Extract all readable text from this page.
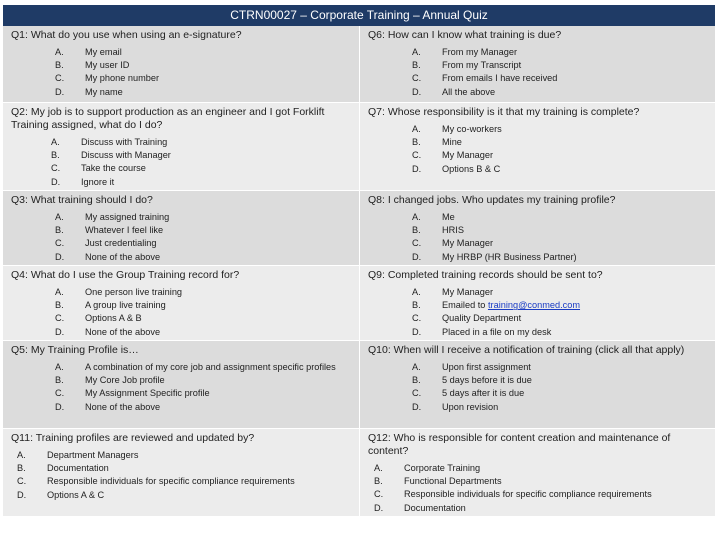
CTRN00027 – Corporate Training – Annual Quiz
Q1: What do you use when using an e-signature?
A.	My email
B.	My user ID
C.	My phone number
D.	My name
Q6: How can I know what training is due?
A.	From my Manager
B.	From my Transcript
C.	From emails I have received
D.	All the above
Q2: My job is to support production as an engineer and I got Forklift Training assigned, what do I do?
A.	Discuss with Training
B.	Discuss with Manager
C.	Take the course
D.	Ignore it
Q7: Whose responsibility is it that my training is complete?
A.	My co-workers
B.	Mine
C.	My Manager
D.	Options B & C
Q3: What training should I do?
A.	My assigned training
B.	Whatever I feel like
C.	Just credentialing
D.	None of the above
Q8: I changed jobs. Who updates my training profile?
A.	Me
B.	HRIS
C.	My Manager
D.	My HRBP (HR Business Partner)
Q4: What do I use the Group Training record for?
A.	One person live training
B.	A group live training
C.	Options A & B
D.	None of the above
Q9: Completed training records should be sent to?
A.	My Manager
B.	Emailed to training@conmed.com
C.	Quality Department
D.	Placed in a file on my desk
Q5: My Training Profile is…
A.	A combination of my core job and assignment specific profiles
B.	My Core Job profile
C.	My Assignment Specific profile
D.	None of the above
Q10: When will I receive a notification of training (click all that apply)
A.	Upon first assignment
B.	5 days before it is due
C.	5 days after it is due
D.	Upon revision
Q11: Training profiles are reviewed and updated by?
A.	Department Managers
B.	Documentation
C.	Responsible individuals for specific compliance requirements
D.	Options A & C
Q12: Who is responsible for content creation and maintenance of content?
A.	Corporate Training
B.	Functional Departments
C.	Responsible individuals for specific compliance requirements
D.	Documentation
